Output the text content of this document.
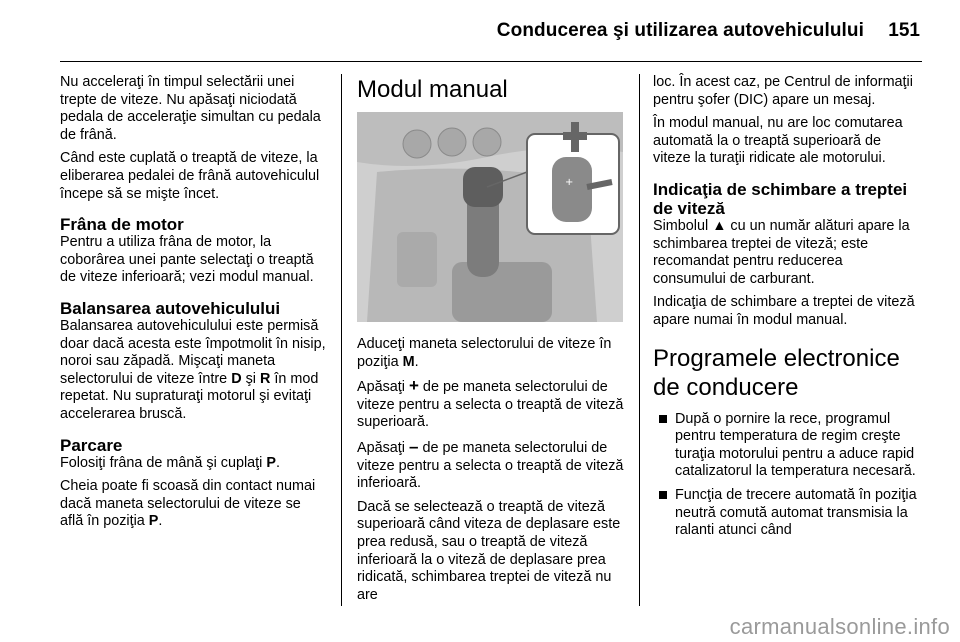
Conducerea şi utilizarea autovehiculului 151

Nu acceleraţi în timpul selectării unei trepte de viteze. Nu apăsaţi niciodată pedala de acceleraţie simultan cu pedala de frână.

Când este cuplată o treaptă de viteze, la eliberarea pedalei de frână autovehiculul începe să se mişte încet.

Frâna de motor

Pentru a utiliza frâna de motor, la coborârea unei pante selectaţi o treaptă de viteze inferioară; vezi modul manual.

Balansarea autovehiculului

Balansarea autovehiculului este permisă doar dacă acesta este împotmolit în nisip, noroi sau zăpadă. Mişcaţi maneta selectorului de viteze între D şi R în mod repetat. Nu supraturaţi motorul şi evitaţi accelerarea bruscă.

Parcare

Folosiţi frâna de mână şi cuplaţi P.

Cheia poate fi scoasă din contact numai dacă maneta selectorului de viteze se află în poziţia P.

Modul manual
+

Aduceţi maneta selectorului de viteze în poziţia M.

Apăsaţi + de pe maneta selectorului de viteze pentru a selecta o treaptă de viteză superioară.

Apăsaţi – de pe maneta selectorului de viteze pentru a selecta o treaptă de viteză inferioară.

Dacă se selectează o treaptă de viteză superioară când viteza de deplasare este prea redusă, sau o treaptă de viteză inferioară la o viteză de deplasare prea ridicată, schimbarea treptei de viteză nu are

loc. În acest caz, pe Centrul de informaţii pentru şofer (DIC) apare un mesaj.

În modul manual, nu are loc comutarea automată la o treaptă superioară de viteze la turaţii ridicate ale motorului.

Indicaţia de schimbare a treptei de viteză

Simbolul ▲ cu un număr alături apare la schimbarea treptei de viteză; este recomandat pentru reducerea consumului de carburant.

Indicaţia de schimbare a treptei de viteză apare numai în modul manual.

Programele electronice de conducere
După o pornire la rece, programul pentru temperatura de regim creşte turaţia motorului pentru a aduce rapid catalizatorul la temperatura necesară.
Funcţia de trecere automată în poziţia neutră comută automat transmisia la ralanti atunci când
carmanualsonline.info
